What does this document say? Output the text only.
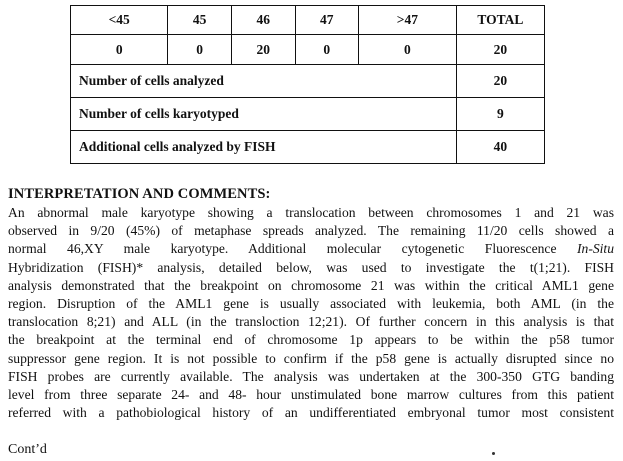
<45	45	46	47	>47	TOTAL
0	0	20	0	0	20
Number of cells analyzed					20
Number of cells karyotyped					9
Additional cells analyzed by FISH					40
INTERPRETATION AND COMMENTS:
An abnormal male karyotype showing a translocation between chromosomes 1 and 21 was
observed in 9/20 (45%) of metaphase spreads analyzed. The remaining 11/20 cells showed a
normal 46,XY male karyotype. Additional molecular cytogenetic Fluorescence In-Situ
Hybridization (FISH)* analysis, detailed below, was used to investigate the t(1;21). FISH
analysis demonstrated that the breakpoint on chromosome 21 was within the critical AML1 gene
region. Disruption of the AML1 gene is usually associated with leukemia, both AML (in the
translocation 8;21) and ALL (in the transloction 12;21). Of further concern in this analysis is that
the breakpoint at the terminal end of chromosome 1p appears to be within the p58 tumor
suppressor gene region. It is not possible to confirm if the p58 gene is actually disrupted since no
FISH probes are currently available. The analysis was undertaken at the 300-350 GTG banding
level from three separate 24- and 48- hour unstimulated bone marrow cultures from this patient
referred with a pathobiological history of an undifferentiated embryonal tumor most consistent
Cont’d
